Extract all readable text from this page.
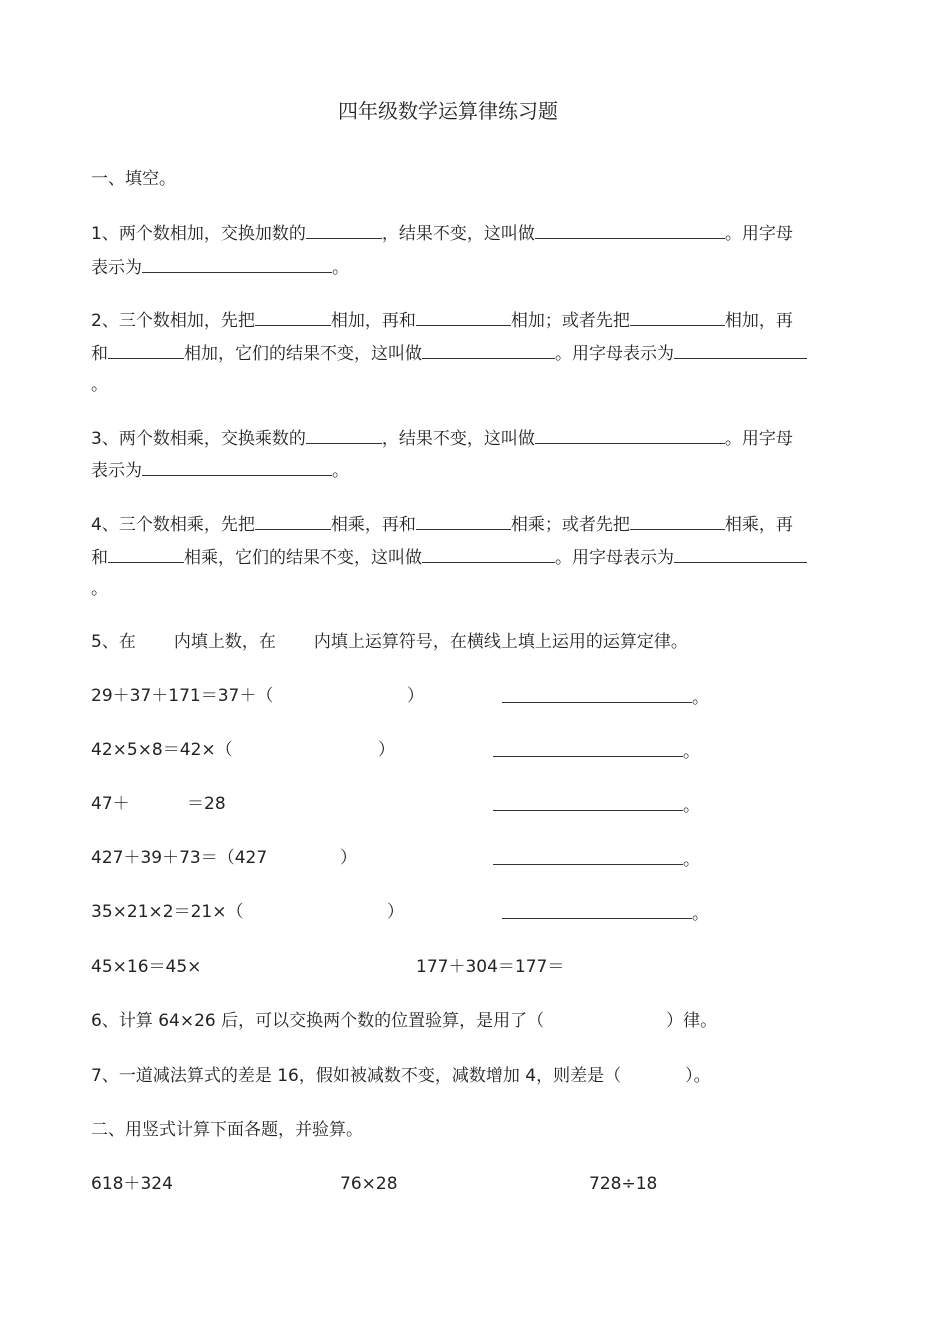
四年级数学运算律练习题
一、填空。
1、两个数相加，交换加数的	，结果不变，这叫做	。用字母
表示为	。
2、三个数相加，先把	相加，再和	相加；或者先把	相加，再
和	相加，它们的结果不变，这叫做	。用字母表示为
。
3、两个数相乘，交换乘数的	，结果不变，这叫做	。用字母
表示为	。
4、三个数相乘，先把	相乘，再和	相乘；或者先把	相乘，再
和	相乘，它们的结果不变，这叫做	。用字母表示为
。
5、在 内填上数，在 内填上运算符号，在横线上填上运用的运算定律。
29＋37＋171＝37＋（	）	。
42×5×8＝42×（	）	。
47＋	＝28	。
427＋39＋73＝（427	）	。
35×21×2＝21×（	）	。
45×16＝45×	177＋304＝177＝
6、计算 64×26 后，可以交换两个数的位置验算，是用了（	）律。
7、一道减法算式的差是 16，假如被减数不变，减数增加 4，则差是（	）。
二、用竖式计算下面各题，并验算。
618＋324	76×28	728÷18
